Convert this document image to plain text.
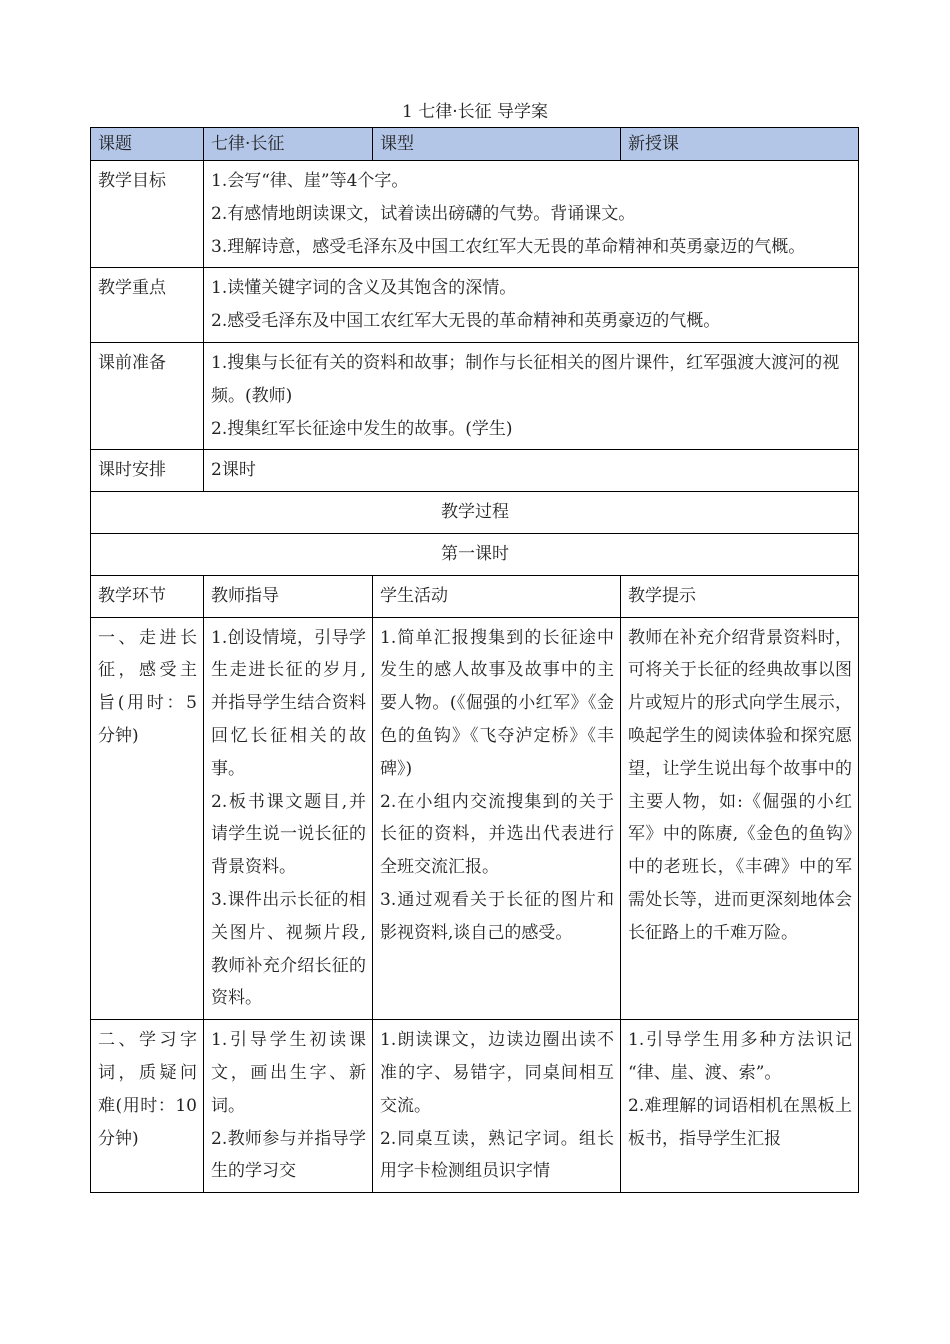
1 七律·长征 导学案
课题	七律·长征	课型	新授课
教学目标	1.会写“律、崖”等4个字。
2.有感情地朗读课文，试着读出磅礴的气势。背诵课文。
3.理解诗意，感受毛泽东及中国工农红军大无畏的革命精神和英勇豪迈的气概。		

教学重点	1.读懂关键字词的含义及其饱含的深情。
2.感受毛泽东及中国工农红军大无畏的革命精神和英勇豪迈的气概。		

课前准备	1.搜集与长征有关的资料和故事；制作与长征相关的图片课件，红军强渡大渡河的视频。(教师)
2.搜集红军长征途中发生的故事。(学生)		

课时安排	2课时		
教学过程			
第一课时			
教学环节	教师指导	学生活动	教学提示
一、走进长征，感受主旨(用时：5分钟)	1.创设情境，引导学生走进长征的岁月,并指导学生结合资料回忆长征相关的故事。
2.板书课文题目,并请学生说一说长征的背景资料。
3.课件出示长征的相关图片、视频片段,教师补充介绍长征的资料。	1.简单汇报搜集到的长征途中发生的感人故事及故事中的主要人物。(《倔强的小红军》《金色的鱼钩》《飞夺泸定桥》《丰碑》)
2.在小组内交流搜集到的关于长征的资料，并选出代表进行全班交流汇报。
3.通过观看关于长征的图片和影视资料,谈自己的感受。	教师在补充介绍背景资料时，可将关于长征的经典故事以图片或短片的形式向学生展示，唤起学生的阅读体验和探究愿望，让学生说出每个故事中的主要人物，如:《倔强的小红军》中的陈赓,《金色的鱼钩》中的老班长，《丰碑》中的军需处长等，进而更深刻地体会长征路上的千难万险。

二、学习字词，质疑问难(用时：10分钟)	1.引导学生初读课文，画出生字、新词。
2.教师参与并指导学生的学习交	1.朗读课文，边读边圈出读不准的字、易错字，同桌间相互交流。
2.同桌互读，熟记字词。组长用字卡检测组员识字情	1.引导学生用多种方法识记 “律、崖、渡、索”。
2.难理解的词语相机在黑板上板书，指导学生汇报
